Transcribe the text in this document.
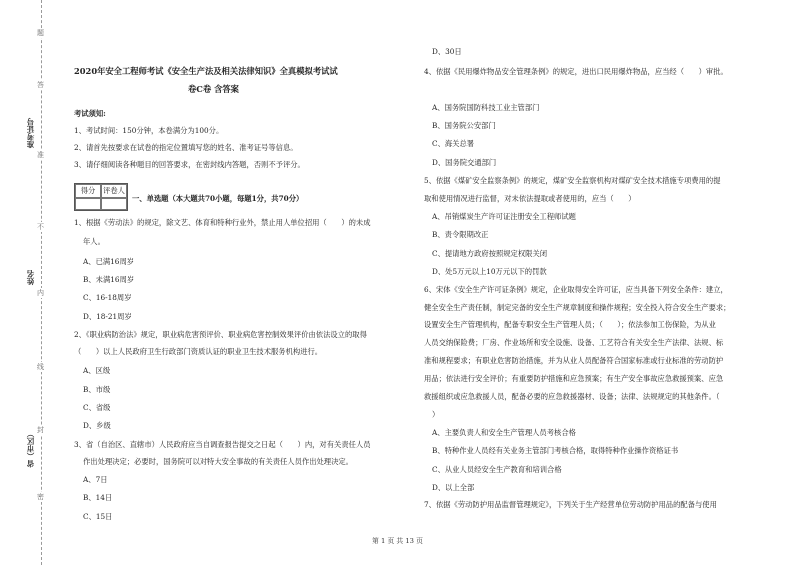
题
答
准
不
内
线
封
密
准考证号
姓名
省（市区）
2020年安全工程师考试《安全生产法及相关法律知识》全真模拟考试试
卷C卷 含答案
考试须知:
1、考试时间：150分钟，本卷满分为100分。
2、请首先按要求在试卷的指定位置填写您的姓名、准考证号等信息。
3、请仔细阅读各种题目的回答要求，在密封线内答题，否则不予评分。
得分	评卷人
一、单选题（本大题共70小题，每题1分，共70分）
1、根据《劳动法》的规定，除文艺、体育和特种行业外，禁止用人单位招用（　　）的未成
年人。
A、已满16周岁
B、未满16周岁
C、16-18周岁
D、18-21周岁
2、《职业病防治法》规定，职业病危害预评价、职业病危害控制效果评价由依法设立的取得
（　　）以上人民政府卫生行政部门资质认证的职业卫生技术服务机构进行。
A、区级
B、市级
C、省级
D、乡级
3、省（自治区、直辖市）人民政府应当自调查报告提交之日起（　　）内，对有关责任人员
作出处理决定；必要时，国务院可以对特大安全事故的有关责任人员作出处理决定。
A、7日
B、14日
C、15日
D、30日
4、依据《民用爆炸物品安全管理条例》的规定，进出口民用爆炸物品，应当经（　　）审批。
A、国务院国防科技工业主管部门
B、国务院公安部门
C、海关总署
D、国务院交通部门
5、依据《煤矿安全监察条例》的规定，煤矿安全监察机构对煤矿安全技术措施专项费用的提
取和使用情况进行监督，对未依法提取或者使用的，应当（　　）
A、吊销煤炭生产许可证注册安全工程师试题
B、责令限期改正
C、提请地方政府按照规定权限关闭
D、处5万元以上10万元以下的罚款
6、宋体《安全生产许可证条例》规定，企业取得安全许可证，应当具备下列安全条件：建立，
健全安全生产责任制，制定完备的安全生产规章制度和操作规程；安全投入符合安全生产要求；
设置安全生产管理机构，配备专职安全生产管理人员；（　　）；依法参加工伤保险，为从业
人员交纳保险费；厂房、作业场所和安全设施、设备、工艺符合有关安全生产法律、法规、标
准和规程要求；有职业危害防治措施，并为从业人员配备符合国家标准或行业标准的劳动防护
用品；依法进行安全评价；有重要防护措施和应急预案；有生产安全事故应急救援预案、应急
救援组织或应急救援人员，配备必要的应急救援器材、设备；法律、法规规定的其他条件。（
）
A、主要负责人和安全生产管理人员考核合格
B、特种作业人员经有关业务主管部门考核合格，取得特种作业操作资格证书
C、从业人员经安全生产教育和培训合格
D、以上全部
7、依据《劳动防护用品监督管理规定》，下列关于生产经营单位劳动防护用品的配备与使用
第 1 页 共 13 页
